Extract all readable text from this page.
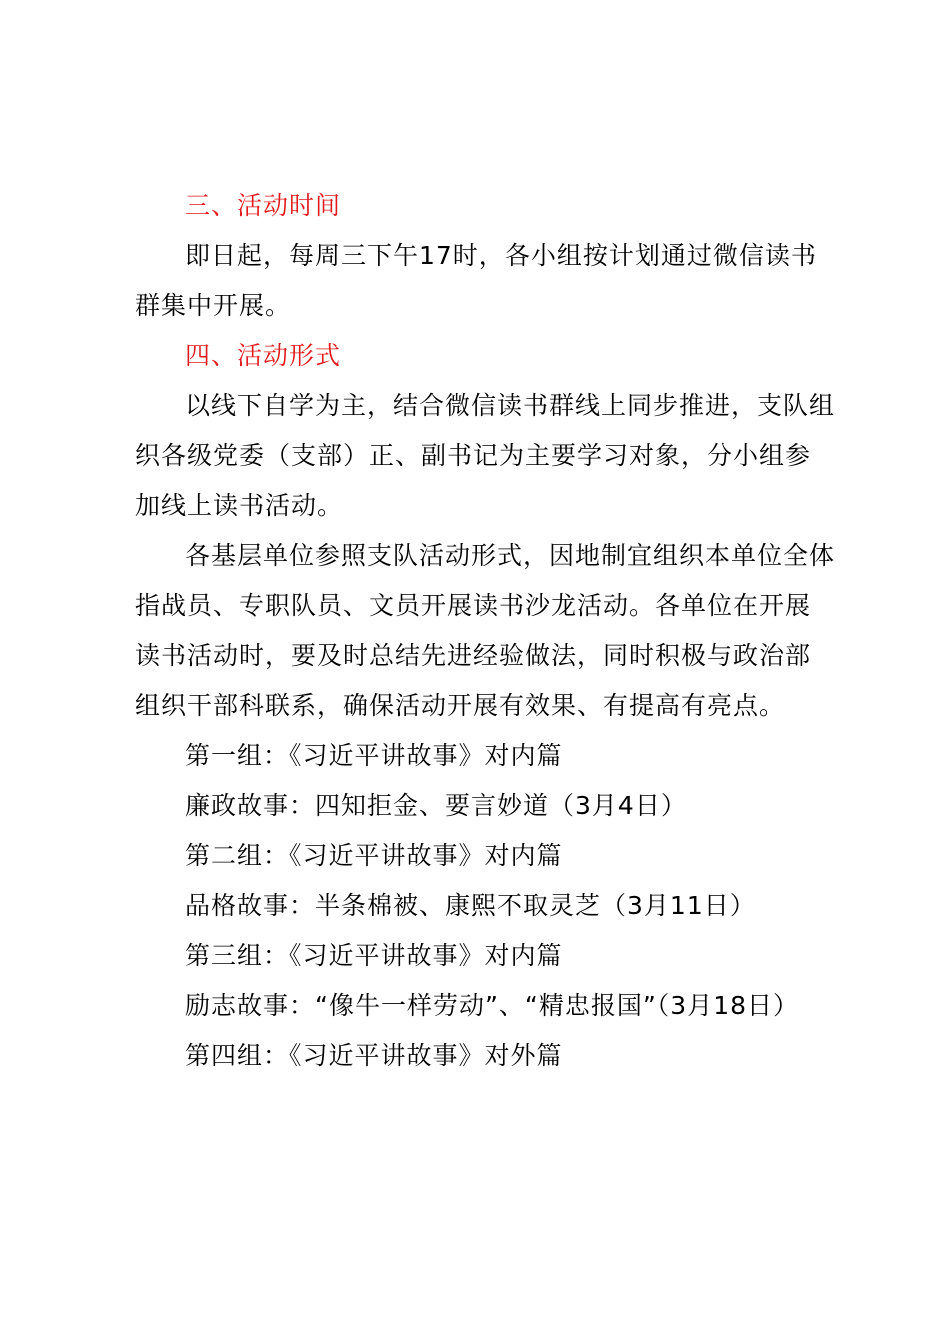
三、活动时间

即日起，每周三下午17时，各小组按计划通过微信读书群集中开展。

四、活动形式

以线下自学为主，结合微信读书群线上同步推进，支队组织各级党委（支部）正、副书记为主要学习对象，分小组参加线上读书活动。

各基层单位参照支队活动形式，因地制宜组织本单位全体指战员、专职队员、文员开展读书沙龙活动。各单位在开展读书活动时，要及时总结先进经验做法，同时积极与政治部组织干部科联系，确保活动开展有效果、有提高有亮点。

第一组：《习近平讲故事》对内篇

廉政故事：四知拒金、要言妙道（3月4日）

第二组：《习近平讲故事》对内篇

品格故事：半条棉被、康熙不取灵芝（3月11日）

第三组：《习近平讲故事》对内篇

励志故事：“像牛一样劳动”、“精忠报国”（3月18日）

第四组：《习近平讲故事》对外篇
